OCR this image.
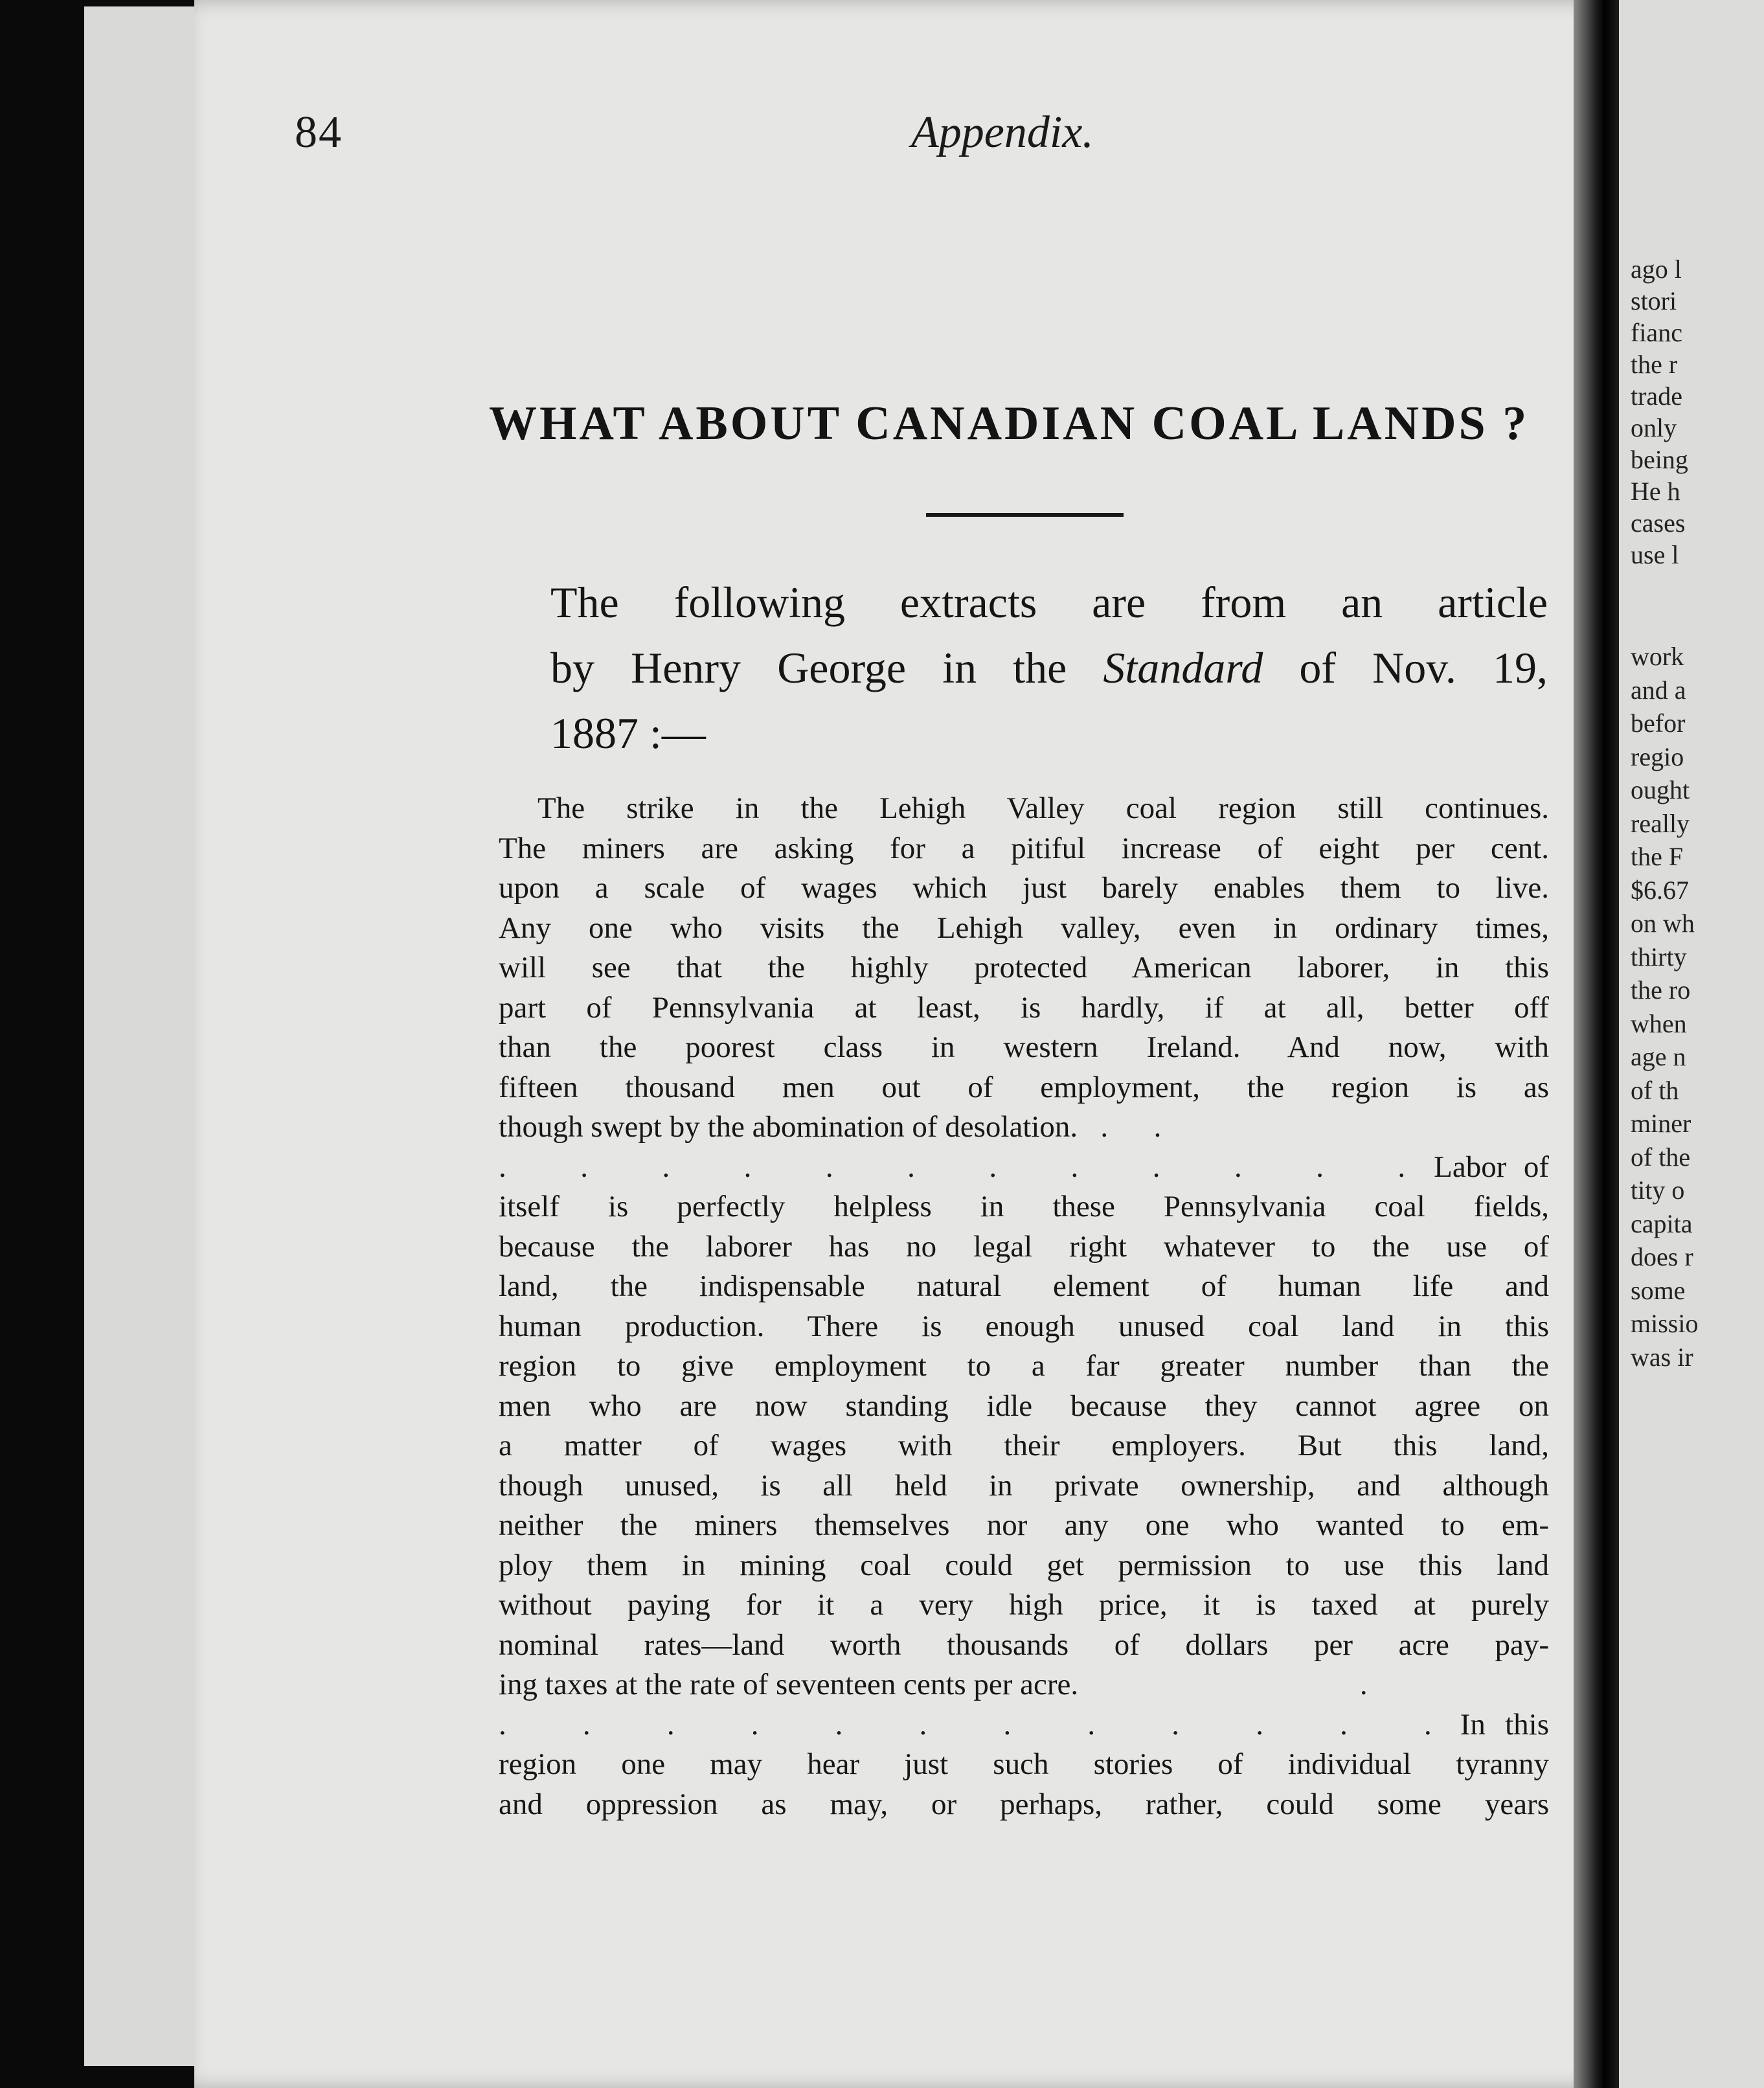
ago l
stori
fianc
the r
trade
only
being
He h
cases
use l
work
and a
befor
regio
ought
really
the F
$6.67
on wh
thirty
the ro
when
age n
of th
miner
of the
tity o
capita
does r
some
missio
was ir
84	Appendix.
WHAT ABOUT CANADIAN COAL LANDS ?
The following extracts are from an article
by Henry George in the Standard of Nov. 19,
1887 :—
The strike in the Lehigh Valley coal region still continues.
The miners are asking for a pitiful increase of eight per cent.
upon a scale of wages which just barely enables them to live.
Any one who visits the Lehigh valley, even in ordinary times,
will see that the highly protected American laborer, in this
part of Pennsylvania at least, is hardly, if at all, better off
than the poorest class in western Ireland. And now, with
fifteen thousand men out of employment, the region is as
though swept by the abomination of desolation.   .      .
. . . . . . . . . . . .Labor of
itself is perfectly helpless in these Pennsylvania coal fields,
because the laborer has no legal right whatever to the use of
land, the indispensable natural element of human life and
human production. There is enough unused coal land in this
region to give employment to a far greater number than the
men who are now standing idle because they cannot agree on
a matter of wages with their employers. But this land,
though unused, is all held in private ownership, and although
neither the miners themselves nor any one who wanted to em-
ploy them in mining coal could get permission to use this land
without paying for it a very high price, it is taxed at purely
nominal rates—land worth thousands of dollars per acre pay-
ing taxes at the rate of seventeen cents per acre.                                     .
. . . . . . . . . . . .In this
region one may hear just such stories of individual tyranny
and oppression as may, or perhaps, rather, could some years
